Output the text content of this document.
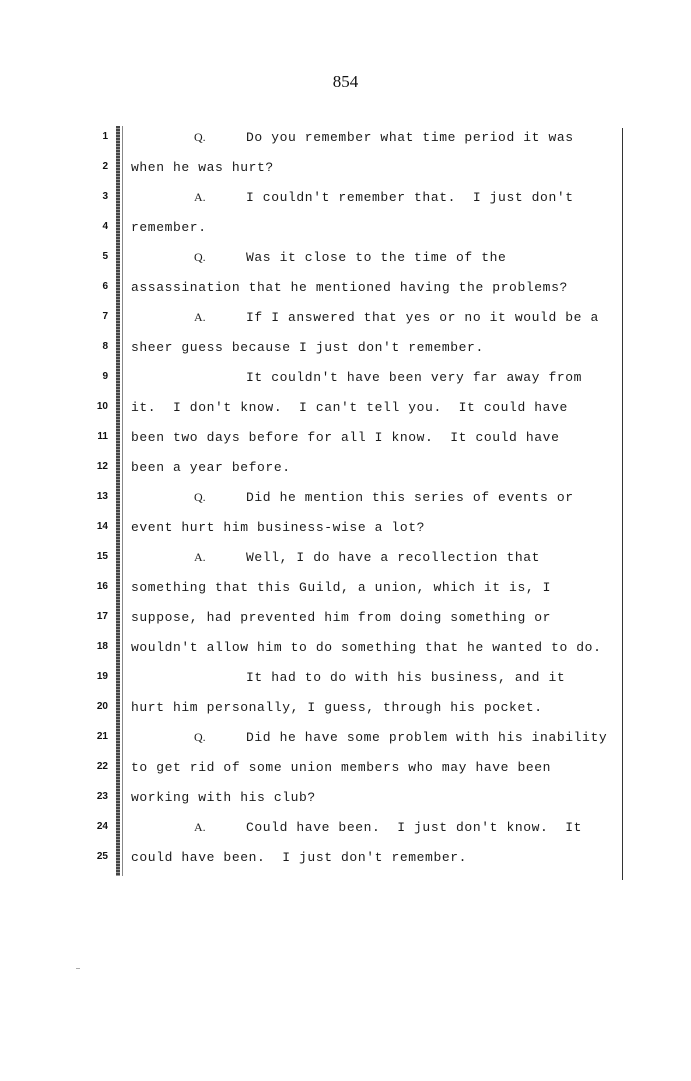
854
1	Q.	Do you remember what time period it was
2 when he was hurt?
3	A.	I couldn't remember that.  I just don't
4 remember.
5	Q.	Was it close to the time of the
6 assassination that he mentioned having the problems?
7	A.	If I answered that yes or no it would be a
8 sheer guess because I just don't remember.
9	It couldn't have been very far away from
10 it.  I don't know.  I can't tell you.  It could have
11 been two days before for all I know.  It could have
12 been a year before.
13	Q.	Did he mention this series of events or
14 event hurt him business-wise a lot?
15	A.	Well, I do have a recollection that
16 something that this Guild, a union, which it is, I
17 suppose, had prevented him from doing something or
18 wouldn't allow him to do something that he wanted to do.
19	It had to do with his business, and it
20 hurt him personally, I guess, through his pocket.
21	Q.	Did he have some problem with his inability
22 to get rid of some union members who may have been
23 working with his club?
24	A.	Could have been.  I just don't know.  It
25 could have been.  I just don't remember.
